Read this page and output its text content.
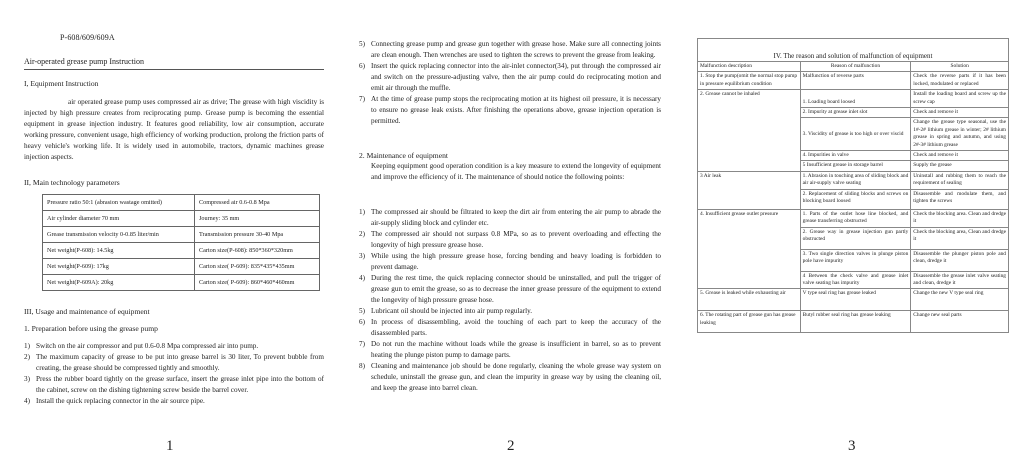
P-608/609/609A
Air-operated grease pump Instruction
I, Equipment Instruction
air operated grease pump uses compressed air as drive; The grease with high viscidity is injected by high pressure creates from reciprocating pump. Grease pump is becoming the essential equipment in grease injection industry. It features good reliability, low air consumption, accurate working pressure, convenient usage, high efficiency of working production, prolong the friction parts of heavy vehicle's working life. It is widely used in automobile, tractors, dynamic machines grease injection aspects.
II, Main technology parameters
Pressure ratio 50:1 (abrasion wastage omitted)	Compressed air 0.6-0.8 Mpa
Air cylinder diameter 70 mm	Journey: 35 mm
Grease transmission velocity 0-0.85 liter/min	Transmission pressure 30-40 Mpa
Net weight(P-608): 14.5kg	Carton size(P-608): 850*360*320mm
Net weight(P-609): 17kg	Carton size( P-609): 835*435*435mm
Net weight(P-609A): 20kg	Carton size( P-609): 860*460*460mm
III, Usage and maintenance of equipment
1. Preparation before using the grease pump
1) Switch on the air compressor and put 0.6-0.8 Mpa compressed air into pump.
2) The maximum capacity of grease to be put into grease barrel is 30 liter, To prevent bubble from creating, the grease should be compressed tightly and smoothly.
3) Press the rubber board tightly on the grease surface, insert the grease inlet pipe into the bottom of the cabinet, screw on the dishing tightening screw beside the barrel cover.
4) Install the quick replacing connector in the air source pipe.
1
5) Connecting grease pump and grease gun together with grease hose. Make sure all connecting joints are clean enough. Then wrenches are used to tighten the screws to prevent the grease from leaking.
6) Insert the quick replacing connector into the air-inlet connector(34), put through the compressed air and switch on the pressure-adjusting valve, then the air pump could do reciprocating motion and emit air through the muffle.
7) At the time of grease pump stops the reciprocating motion at its highest oil pressure, it is necessary to ensure no grease leak exists. After finishing the operations above, grease injection operation is permitted.
2. Maintenance of equipment
Keeping equipment good operation condition is a key measure to extend the longevity of equipment and improve the efficiency of it. The maintenance of should notice the following points:
1) The compressed air should be filtrated to keep the dirt air from entering the air pump to abrade the air-supply sliding block and cylinder etc.
2) The compressed air should not surpass 0.8 MPa, so as to prevent overloading and effecting the longevity of high pressure grease hose.
3) While using the high pressure grease hose, forcing bending and heavy loading is forbidden to prevent damage.
4) During the rest time, the quick replacing connector should be uninstalled, and pull the trigger of grease gun to emit the grease, so as to decrease the inner grease pressure of the equipment to extend the longevity of high pressure grease hose.
5) Lubricant oil should be injected into air pump regularly.
6) In process of disassembling, avoid the touching of each part to keep the accuracy of the disassembled parts.
7) Do not run the machine without loads while the grease is insufficient in barrel, so as to prevent heating the plunge piston pump to damage parts.
8) Cleaning and maintenance job should be done regularly, cleaning the whole grease way system on schedule, uninstall the grease gun, and clean the impurity in grease way by using the cleaning oil, and keep the grease into barrel clean.
2
IV. The reason and solution of malfunction of equipment		
Malfunction description	Reason of malfunction	Solution
1. Stop the pump(omit the normal stop pump in pressure equilibrium condition	Malfunction of reverse parts	Check the reverse parts if it has been locked, modulated or replaced
2. Grease cannot be inhaled	1. Loading board loosed	Install the loading board and screw up the screw cap
	2. Impurity at grease inlet slot	Check and remove it
	3. Viscidity of grease is too high or over viscid	Change the grease type seasonal, use the 1#-2# lithium grease in winter; 2# lithium grease in spring and autumn, and using 2#-3# lithium grease
	4. Impurities in valve	Check and remove it
	5 Insufficient grease in storage barrel	Supply the grease
3 Air leak	1. Abrasion in touching area of sliding block and air air-supply valve seating	Uninstall and rubbing them to reach the requirement of sealing
	2. Replacement of sliding blocks and screws on blocking board loosed	Disassemble and modulate them, and tighten the screws
4. Insufficient grease outlet pressure	1. Parts of the outlet hose line blocked, and grease transferring obstructed	Check the blocking area. Clean and dredge it
	2. Grease way in grease injection gun partly obstructed	Check the blocking area, Clean and dredge it
	3. Two single direction valves in plunge piston pole have impurity	Disassemble the plunger piston pole and clean, dredge it
	4 Between the check valve and grease inlet valve seating has impurity	Disassemble the grease inlet valve seating and clean, dredge it
5. Grease is leaked while exhausting air	V type seal ring has grease leaked	Change the new V type seal ring
6. The rotating part of grease gun has grease leaking	Butyl rubber seal ring has grease leaking	Change new seal parts
3
